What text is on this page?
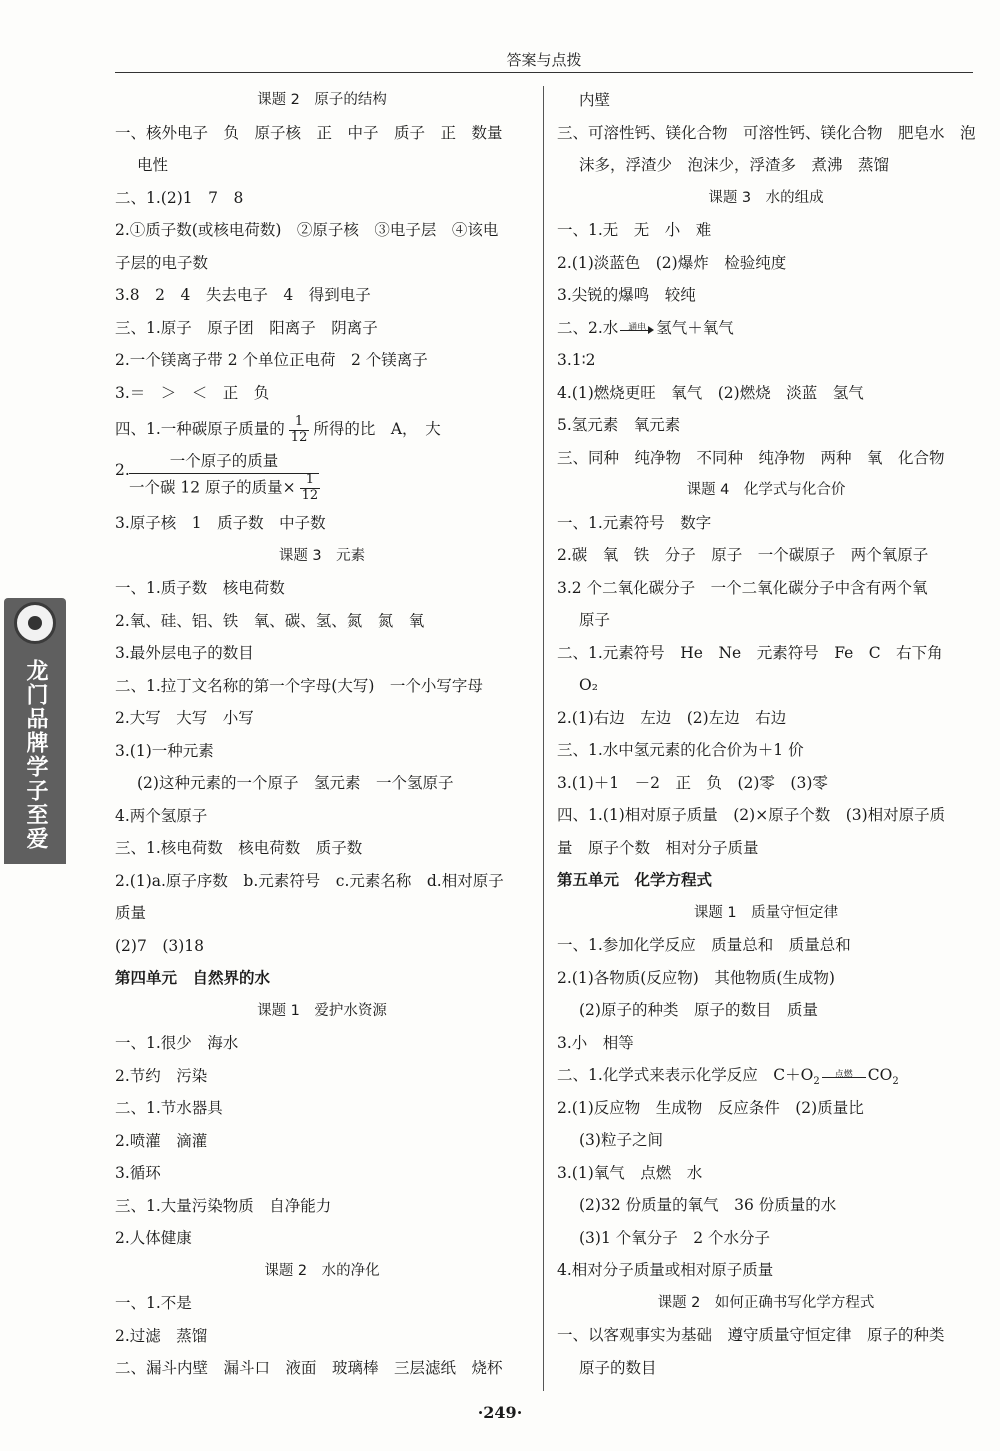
答案与点拨
龙门品牌
学子至爱
课题 2　原子的结构
一、核外电子　负　原子核　正　中子　质子　正　数量
电性
二、1.(2)1　7　8
2.①质子数(或核电荷数)　②原子核　③电子层　④该电
子层的电子数
3.8　2　4　失去电子　4　得到电子
三、1.原子　原子团　阳离子　阴离子
2.一个镁离子带 2 个单位正电荷　2 个镁离子
3.＝　＞　＜　正　负
四、1.一种碳原子质量的 $\frac{1}{12}$ 所得的比　A，　大
2.	一个原子的质量
一个碳 12 原子的质量× $\frac{1}{12}$
3.原子核　1　质子数　中子数
课题 3　元素
一、1.质子数　核电荷数
2.氧、硅、铝、铁　氧、碳、氢、氮　氮　氧
3.最外层电子的数目
二、1.拉丁文名称的第一个字母(大写)　一个小写字母
2.大写　大写　小写
3.(1)一种元素
(2)这种元素的一个原子　氢元素　一个氢原子
4.两个氢原子
三、1.核电荷数　核电荷数　质子数
2.(1)a.原子序数　b.元素符号　c.元素名称　d.相对原子
质量
(2)7　(3)18
第四单元　自然界的水
课题 1　爱护水资源
一、1.很少　海水
2.节约　污染
二、1.节水器具
2.喷灌　滴灌
3.循环
三、1.大量污染物质　自净能力
2.人体健康
课题 2　水的净化
一、1.不是
2.过滤　蒸馏
二、漏斗内壁　漏斗口　液面　玻璃棒　三层滤纸　烧杯
内壁
三、可溶性钙、镁化合物　可溶性钙、镁化合物　肥皂水　泡
沫多，浮渣少　泡沫少，浮渣多　煮沸　蒸馏
课题 3　水的组成
一、1.无　无　小　难
2.(1)淡蓝色　(2)爆炸　检验纯度
3.尖锐的爆鸣　较纯
二、2.水	通电 氢气＋氧气
3.1∶2
4.(1)燃烧更旺　氧气　(2)燃烧　淡蓝　氢气
5.氢元素　氧元素
三、同种　纯净物　不同种　纯净物　两种　氧　化合物
课题 4　化学式与化合价
一、1.元素符号　数字
2.碳　氧　铁　分子　原子　一个碳原子　两个氧原子
3.2 个二氧化碳分子　一个二氧化碳分子中含有两个氧
原子
二、1.元素符号　He　Ne　元素符号　Fe　C　右下角
O₂
2.(1)右边　左边　(2)左边　右边
三、1.水中氢元素的化合价为＋1 价
3.(1)＋1　－2　正　负　(2)零　(3)零
四、1.(1)相对原子质量　(2)×原子个数　(3)相对原子质
量　原子个数　相对分子质量
第五单元　化学方程式
课题 1　质量守恒定律
一、1.参加化学反应　质量总和　质量总和
2.(1)各物质(反应物)　其他物质(生成物)
(2)原子的种类　原子的数目　质量
3.小　相等
二、1.化学式来表示化学反应　$C+O_2$
点燃 $CO_2$
2.(1)反应物　生成物　反应条件　(2)质量比
(3)粒子之间
3.(1)氧气　点燃　水
(2)32 份质量的氧气　36 份质量的水
(3)1 个氧分子　2 个水分子
4.相对分子质量或相对原子质量
课题 2　如何正确书写化学方程式
一、以客观事实为基础　遵守质量守恒定律　原子的种类
原子的数目
·249·
